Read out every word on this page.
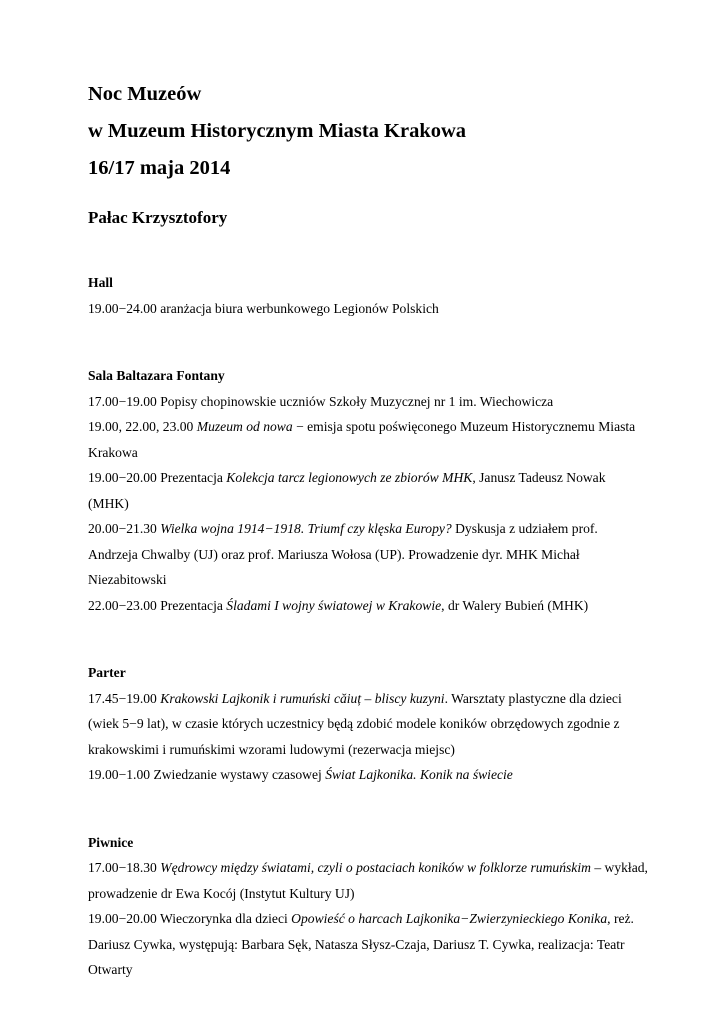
Noc Muzeów
w Muzeum Historycznym Miasta Krakowa
16/17 maja 2014
Pałac Krzysztofory
Hall

19.00−24.00 aranżacja biura werbunkowego Legionów Polskich

Sala Baltazara Fontany

17.00−19.00 Popisy chopinowskie uczniów Szkoły Muzycznej nr 1 im. Wiechowicza

19.00, 22.00, 23.00 Muzeum od nowa − emisja spotu poświęconego Muzeum Historycznemu Miasta Krakowa

19.00−20.00 Prezentacja Kolekcja tarcz legionowych ze zbiorów MHK, Janusz Tadeusz Nowak (MHK)

20.00−21.30 Wielka wojna 1914−1918. Triumf czy klęska Europy? Dyskusja z udziałem prof. Andrzeja Chwalby (UJ) oraz prof. Mariusza Wołosa (UP). Prowadzenie dyr. MHK Michał Niezabitowski

22.00−23.00 Prezentacja Śladami I wojny światowej w Krakowie, dr Walery Bubień (MHK)

Parter

17.45−19.00 Krakowski Lajkonik i rumuński căiuț – bliscy kuzyni. Warsztaty plastyczne dla dzieci (wiek 5−9 lat), w czasie których uczestnicy będą zdobić modele koników obrzędowych zgodnie z krakowskimi i rumuńskimi wzorami ludowymi (rezerwacja miejsc)

19.00−1.00 Zwiedzanie wystawy czasowej Świat Lajkonika. Konik na świecie

Piwnice

17.00−18.30 Wędrowcy między światami, czyli o postaciach koników w folklorze rumuńskim – wykład, prowadzenie dr Ewa Kocój (Instytut Kultury UJ)

19.00−20.00 Wieczorynka dla dzieci Opowieść o harcach Lajkonika−Zwierzynieckiego Konika, reż. Dariusz Cywka, występują: Barbara Sęk, Natasza Słysz-Czaja, Dariusz T. Cywka, realizacja: Teatr Otwarty
